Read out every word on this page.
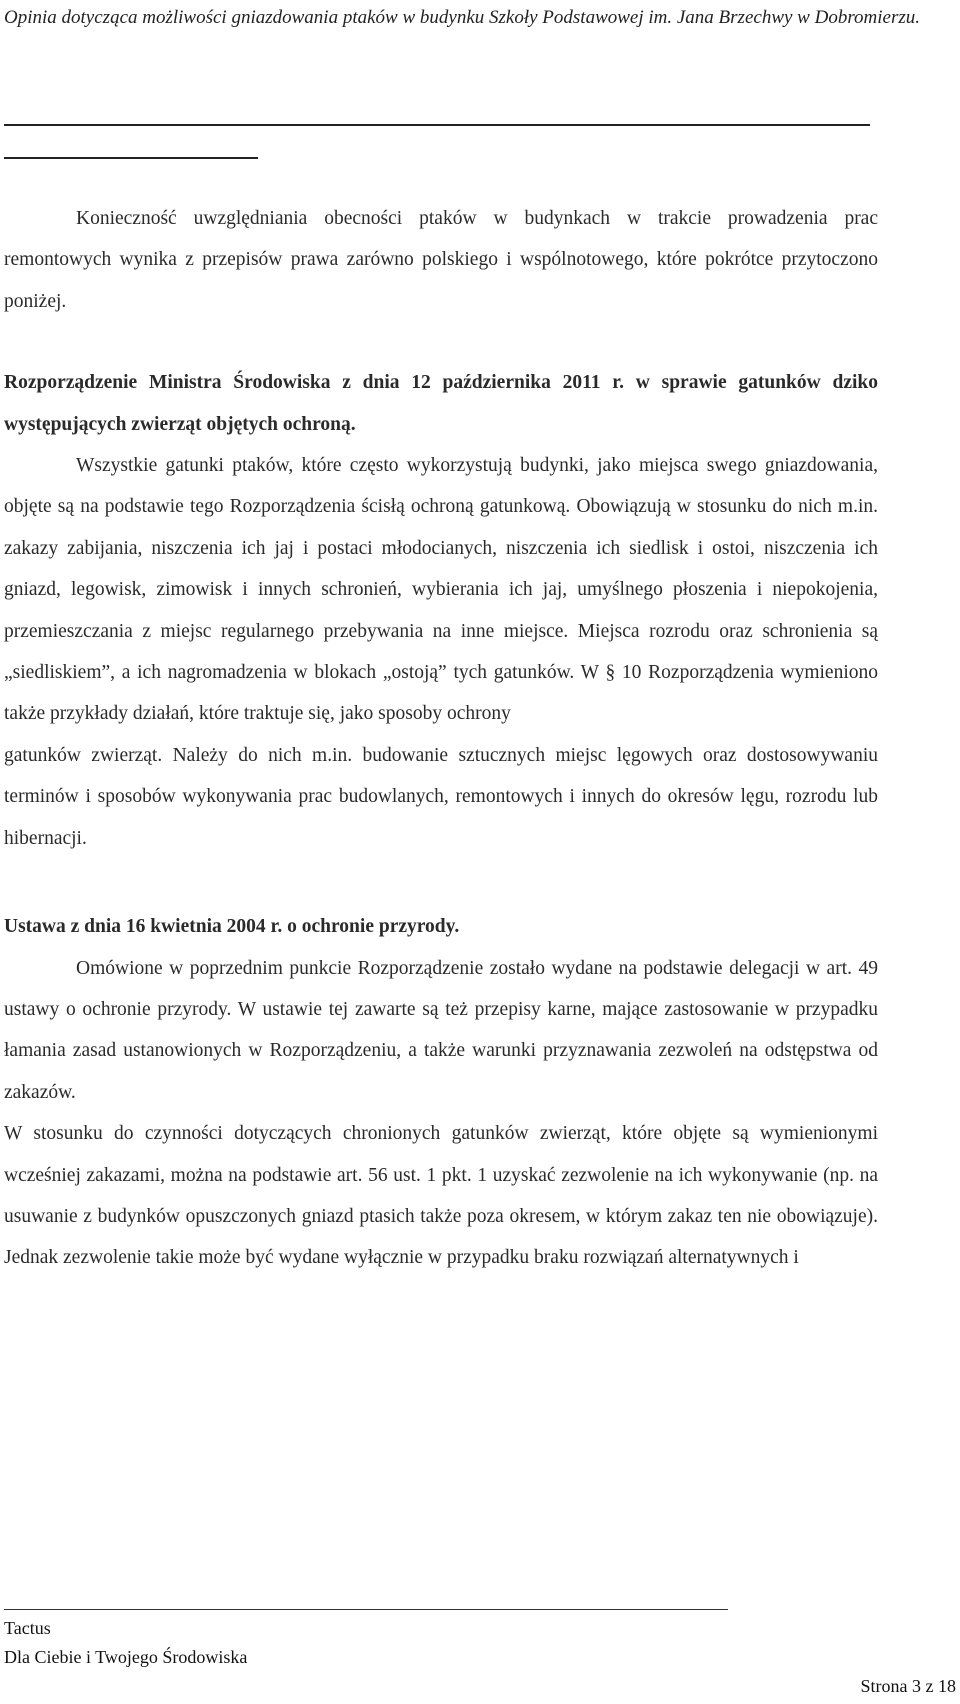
Opinia dotycząca możliwości gniazdowania ptaków w budynku Szkoły Podstawowej im. Jana Brzechwy w Dobromierzu.

Konieczność uwzględniania obecności ptaków w budynkach w trakcie prowadzenia prac remontowych wynika z przepisów prawa zarówno polskiego i wspólnotowego, które pokrótce przytoczono poniżej.

Rozporządzenie Ministra Środowiska z dnia 12 października 2011 r. w sprawie gatunków dziko występujących zwierząt objętych ochroną.

Wszystkie gatunki ptaków, które często wykorzystują budynki, jako miejsca swego gniazdowania, objęte są na podstawie tego Rozporządzenia ścisłą ochroną gatunkową. Obowiązują w stosunku do nich m.in. zakazy zabijania, niszczenia ich jaj i postaci młodocianych, niszczenia ich siedlisk i ostoi, niszczenia ich gniazd, legowisk, zimowisk i innych schronień, wybierania ich jaj, umyślnego płoszenia i niepokojenia, przemieszczania z miejsc regularnego przebywania na inne miejsce. Miejsca rozrodu oraz schronienia są „siedliskiem”, a ich nagromadzenia w blokach „ostoją” tych gatunków. W § 10 Rozporządzenia wymieniono także przykłady działań, które traktuje się, jako sposoby ochrony

gatunków zwierząt. Należy do nich m.in. budowanie sztucznych miejsc lęgowych oraz dostosowywaniu terminów i sposobów wykonywania prac budowlanych, remontowych i innych do okresów lęgu, rozrodu lub hibernacji.

Ustawa z dnia 16 kwietnia 2004 r. o ochronie przyrody.

Omówione w poprzednim punkcie Rozporządzenie zostało wydane na podstawie delegacji w art. 49 ustawy o ochronie przyrody. W ustawie tej zawarte są też przepisy karne, mające zastosowanie w przypadku łamania zasad ustanowionych w Rozporządzeniu, a także warunki przyznawania zezwoleń na odstępstwa od zakazów.

W stosunku do czynności dotyczących chronionych gatunków zwierząt, które objęte są wymienionymi wcześniej zakazami, można na podstawie art. 56 ust. 1 pkt. 1 uzyskać zezwolenie na ich wykonywanie (np. na usuwanie z budynków opuszczonych gniazd ptasich także poza okresem, w którym zakaz ten nie obowiązuje). Jednak zezwolenie takie może być wydane wyłącznie w przypadku braku rozwiązań alternatywnych i

Tactus
Dla Ciebie i Twojego Środowiska
Strona 3 z 18
